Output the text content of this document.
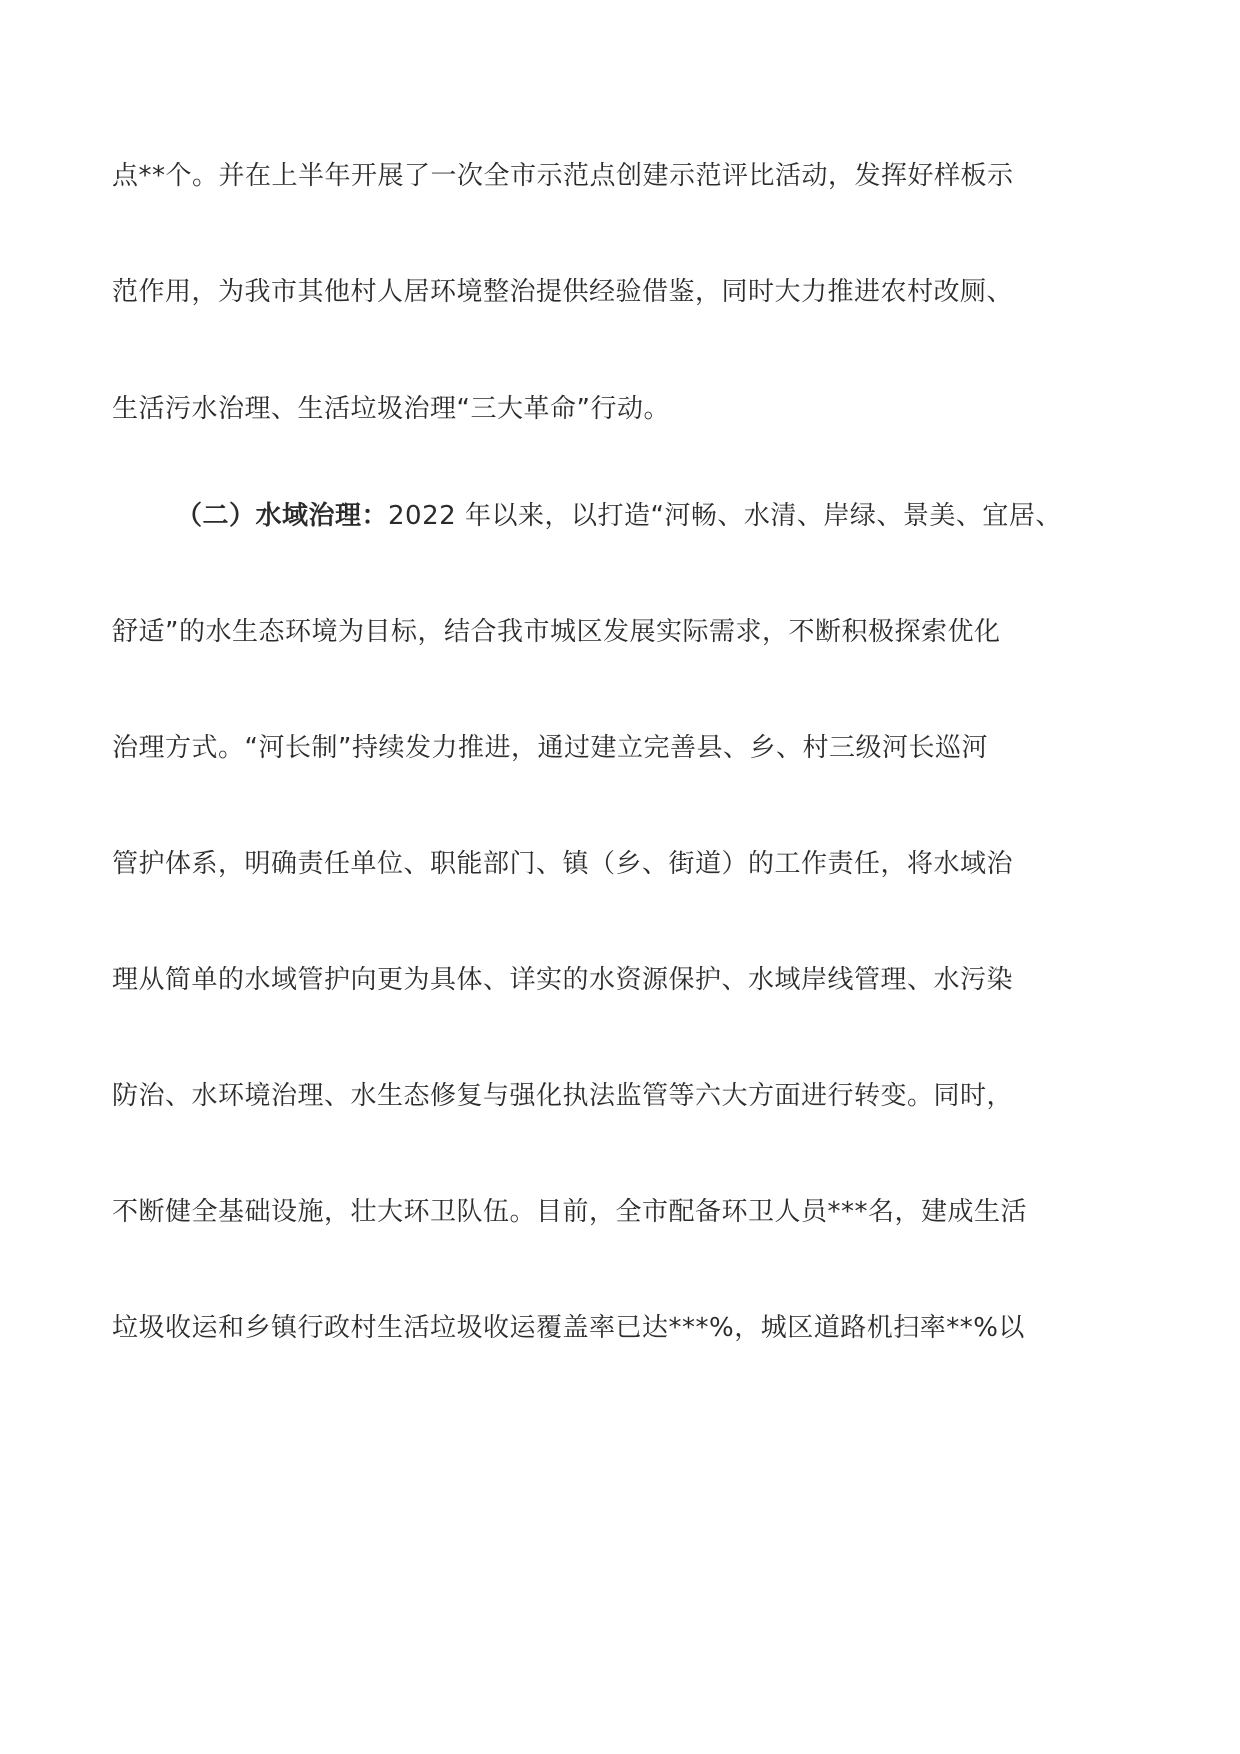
点**个。并在上半年开展了一次全市示范点创建示范评比活动，发挥好样板示
范作用，为我市其他村人居环境整治提供经验借鉴，同时大力推进农村改厕、
生活污水治理、生活垃圾治理“三大革命”行动。
（二）水域治理：2022 年以来，以打造“河畅、水清、岸绿、景美、宜居、
舒适”的水生态环境为目标，结合我市城区发展实际需求，不断积极探索优化
治理方式。“河长制”持续发力推进，通过建立完善县、乡、村三级河长巡河
管护体系，明确责任单位、职能部门、镇（乡、街道）的工作责任，将水域治
理从简单的水域管护向更为具体、详实的水资源保护、水域岸线管理、水污染
防治、水环境治理、水生态修复与强化执法监管等六大方面进行转变。同时，
不断健全基础设施，壮大环卫队伍。目前，全市配备环卫人员***名，建成生活
垃圾收运和乡镇行政村生活垃圾收运覆盖率已达***%，城区道路机扫率**%以
